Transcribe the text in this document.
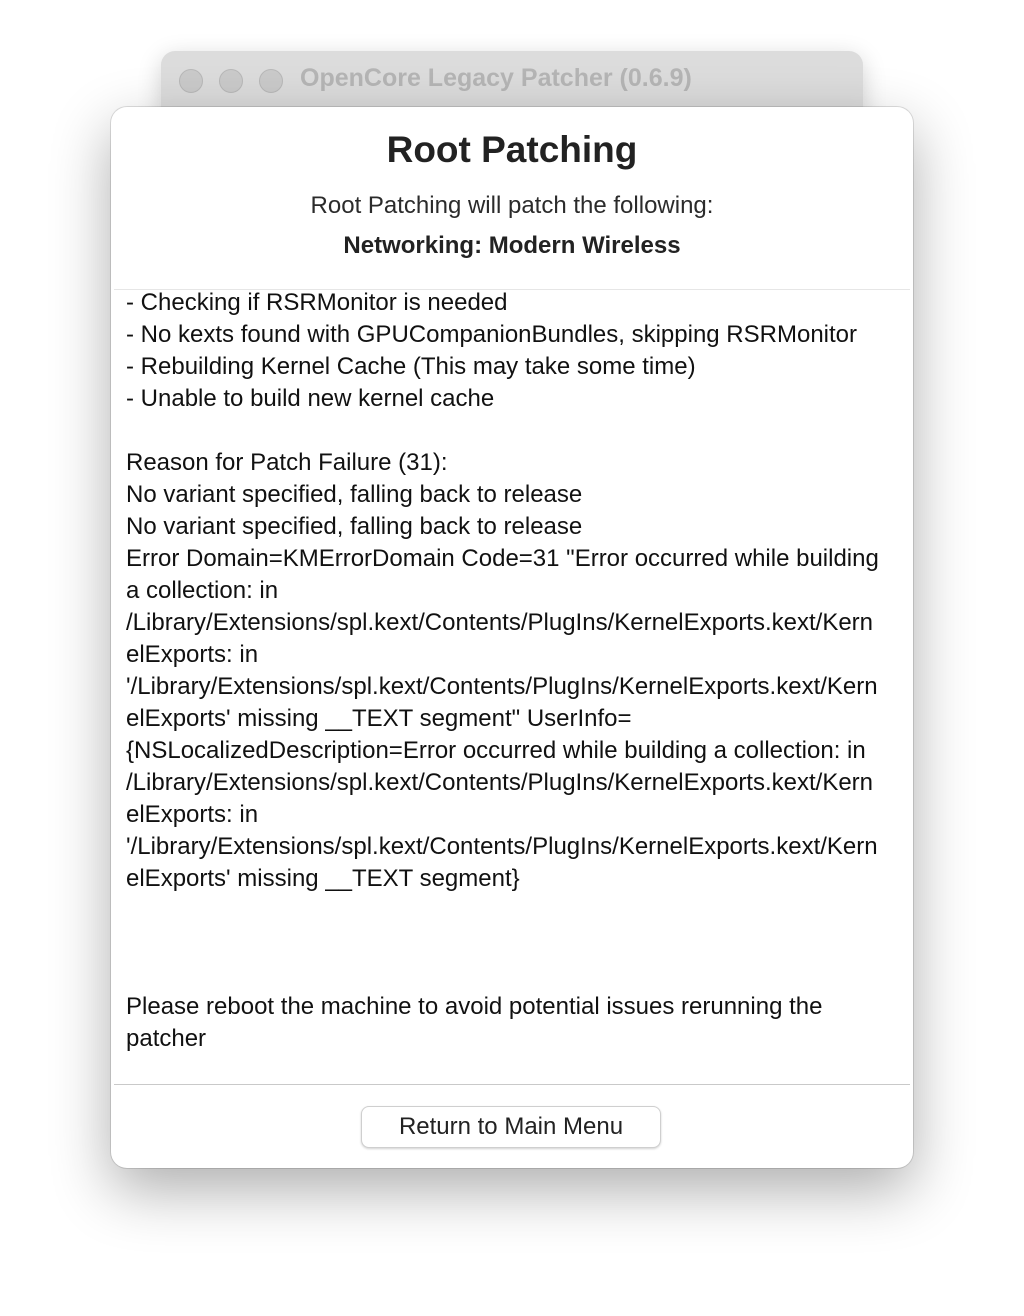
OpenCore Legacy Patcher (0.6.9)
Root Patching
Root Patching will patch the following:
Networking: Modern Wireless
- Checking if RSRMonitor is needed
- No kexts found with GPUCompanionBundles, skipping RSRMonitor
- Rebuilding Kernel Cache (This may take some time)
- Unable to build new kernel cache

Reason for Patch Failure (31):
No variant specified, falling back to release
No variant specified, falling back to release
Error Domain=KMErrorDomain Code=31 "Error occurred while building a collection: in /Library/Extensions/spl.kext/Contents/PlugIns/KernelExports.kext/KernelExports: in '/Library/Extensions/spl.kext/Contents/PlugIns/KernelExports.kext/KernelExports' missing __TEXT segment" UserInfo={NSLocalizedDescription=Error occurred while building a collection: in /Library/Extensions/spl.kext/Contents/PlugIns/KernelExports.kext/KernelExports: in '/Library/Extensions/spl.kext/Contents/PlugIns/KernelExports.kext/KernelExports' missing __TEXT segment}

Please reboot the machine to avoid potential issues rerunning the patcher
Return to Main Menu
